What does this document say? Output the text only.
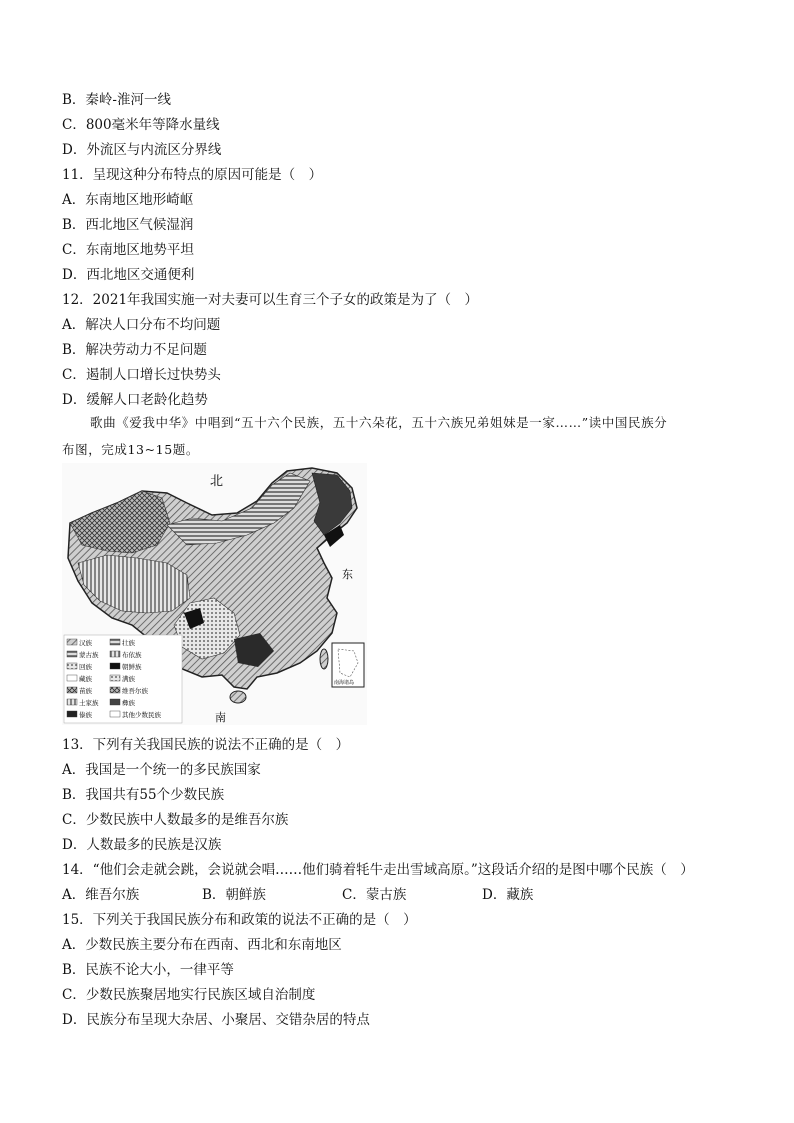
B．秦岭-淮河一线
C．800毫米年等降水量线
D．外流区与内流区分界线
11．呈现这种分布特点的原因可能是（　）
A．东南地区地形崎岖
B．西北地区气候湿润
C．东南地区地势平坦
D．西北地区交通便利
12．2021年我国实施一对夫妻可以生育三个子女的政策是为了（　）
A．解决人口分布不均问题
B．解决劳动力不足问题
C．遏制人口增长过快势头
D．缓解人口老龄化趋势
歌曲《爱我中华》中唱到“五十六个民族，五十六朵花，五十六族兄弟姐妹是一家……”读中国民族分
布图，完成13~15题。
北
东
南
南海诸岛
汉族
蒙古族
回族
藏族
苗族
土家族
傣族
壮族
布依族
朝鲜族
满族
维吾尔族
彝族
其他少数民族
13．下列有关我国民族的说法不正确的是（　）
A．我国是一个统一的多民族国家
B．我国共有55个少数民族
C．少数民族中人数最多的是维吾尔族
D．人数最多的民族是汉族
14．“他们会走就会跳，会说就会唱……他们骑着牦牛走出雪域高原。”这段话介绍的是图中哪个民族（　）
A．维吾尔族	B．朝鲜族	C．蒙古族	D．藏族
15．下列关于我国民族分布和政策的说法不正确的是（　）
A．少数民族主要分布在西南、西北和东南地区
B．民族不论大小，一律平等
C．少数民族聚居地实行民族区域自治制度
D．民族分布呈现大杂居、小聚居、交错杂居的特点
